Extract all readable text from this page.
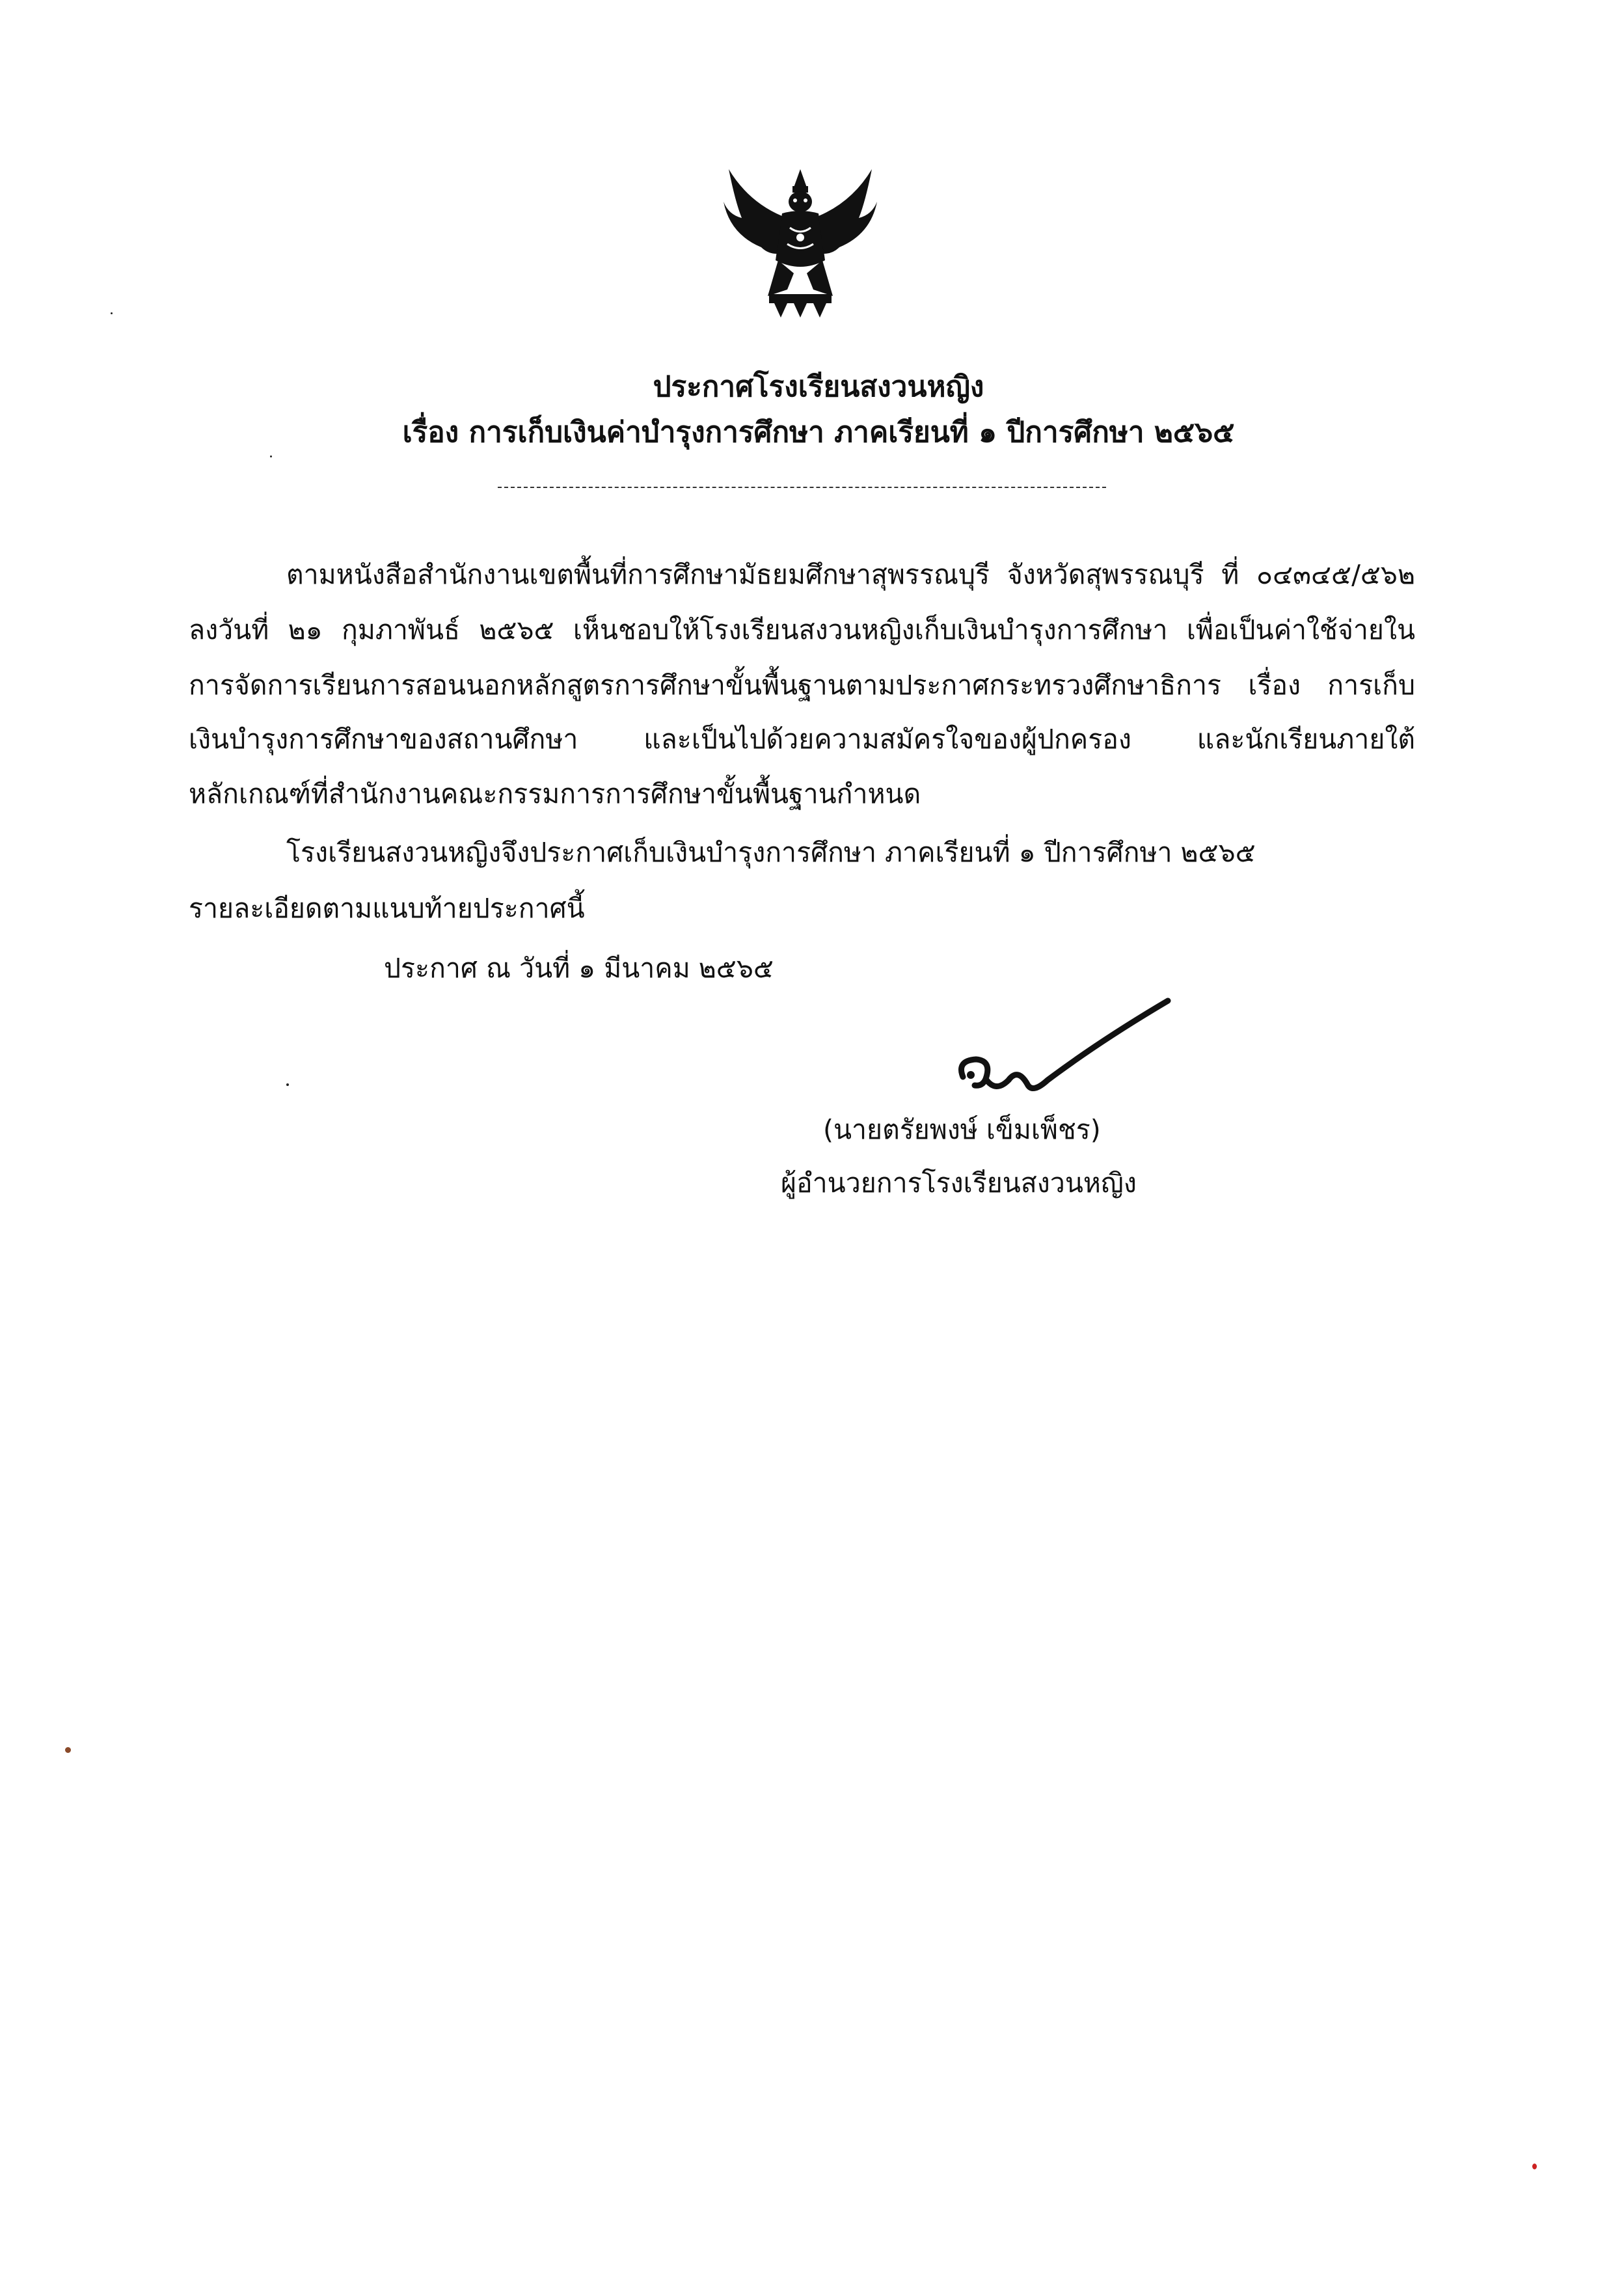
ประกาศโรงเรียนสงวนหญิง
เรื่อง การเก็บเงินค่าบำรุงการศึกษา ภาคเรียนที่ ๑ ปีการศึกษา ๒๕๖๕
ตามหนังสือสำนักงานเขตพื้นที่การศึกษามัธยมศึกษาสุพรรณบุรี จังหวัดสุพรรณบุรี ที่ ๐๔๓๔๕/๕๖๒
ลงวันที่ ๒๑ กุมภาพันธ์ ๒๕๖๕ เห็นชอบให้โรงเรียนสงวนหญิงเก็บเงินบำรุงการศึกษา เพื่อเป็นค่าใช้จ่ายใน
การจัดการเรียนการสอนนอกหลักสูตรการศึกษาขั้นพื้นฐานตามประกาศกระทรวงศึกษาธิการ เรื่อง การเก็บ
เงินบำรุงการศึกษาของสถานศึกษา และเป็นไปด้วยความสมัครใจของผู้ปกครอง และนักเรียนภายใต้
หลักเกณฑ์ที่สำนักงานคณะกรรมการการศึกษาขั้นพื้นฐานกำหนด
โรงเรียนสงวนหญิงจึงประกาศเก็บเงินบำรุงการศึกษา ภาคเรียนที่ ๑ ปีการศึกษา ๒๕๖๕
รายละเอียดตามแนบท้ายประกาศนี้
ประกาศ ณ วันที่ ๑ มีนาคม ๒๕๖๕
(นายตรัยพงษ์ เข็มเพ็ชร)
ผู้อำนวยการโรงเรียนสงวนหญิง
